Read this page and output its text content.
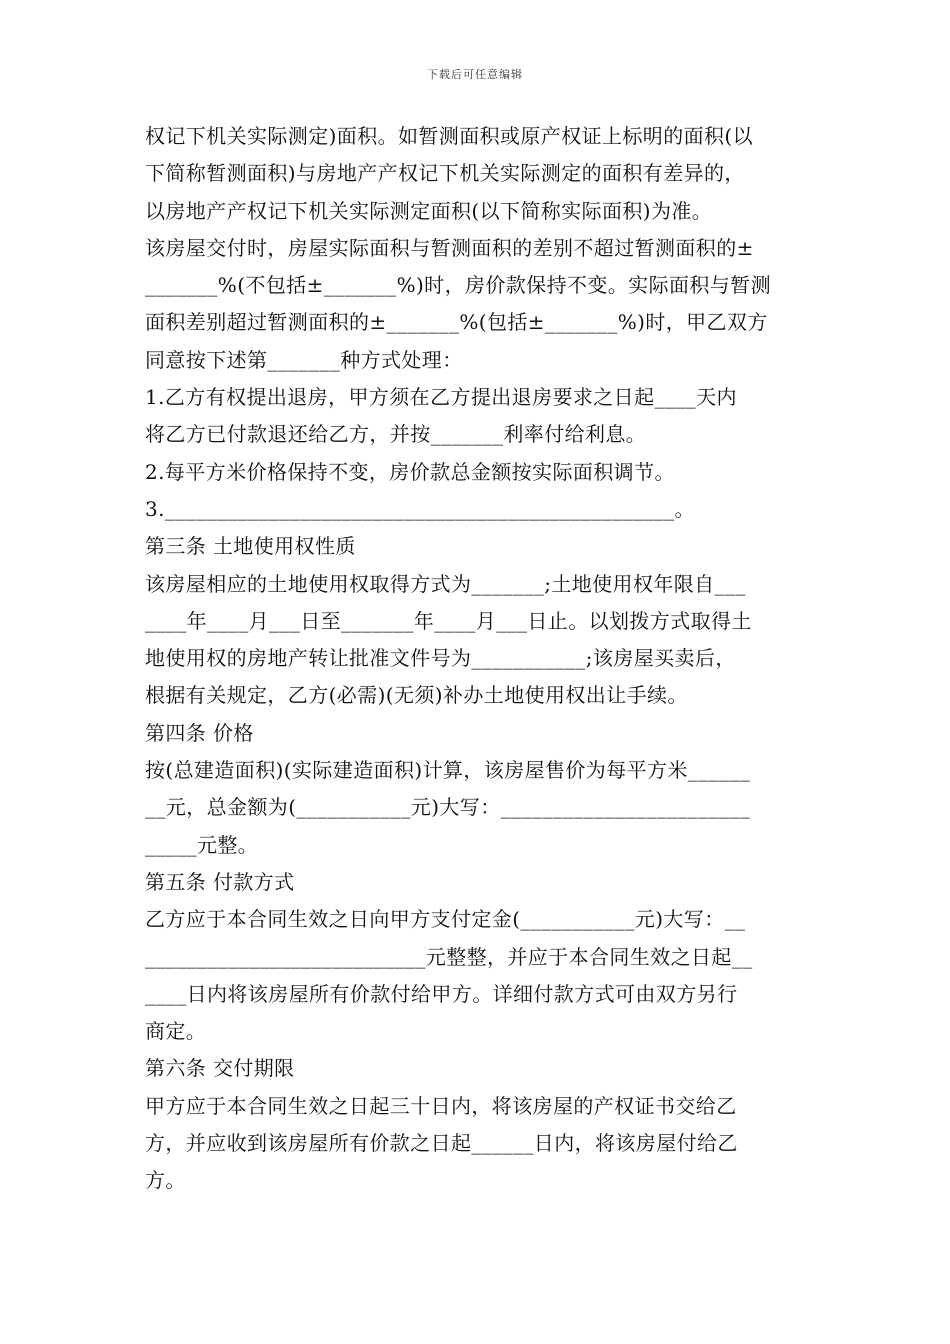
下载后可任意编辑
权记下机关实际测定)面积。如暂测面积或原产权证上标明的面积(以
下简称暂测面积)与房地产产权记下机关实际测定的面积有差异的，
以房地产产权记下机关实际测定面积(以下简称实际面积)为准。
该房屋交付时，房屋实际面积与暂测面积的差别不超过暂测面积的±
_______%(不包括±_______%)时，房价款保持不变。实际面积与暂测
面积差别超过暂测面积的±_______%(包括±_______%)时，甲乙双方
同意按下述第_______种方式处理：
1.乙方有权提出退房，甲方须在乙方提出退房要求之日起____天内
将乙方已付款退还给乙方，并按_______利率付给利息。
2.每平方米价格保持不变，房价款总金额按实际面积调节。
3._________________________________________________。
第三条 土地使用权性质
该房屋相应的土地使用权取得方式为_______;土地使用权年限自___
____年____月___日至_______年____月___日止。以划拨方式取得土
地使用权的房地产转让批准文件号为___________;该房屋买卖后，
根据有关规定，乙方(必需)(无须)补办土地使用权出让手续。
第四条 价格
按(总建造面积)(实际建造面积)计算，该房屋售价为每平方米______
__元，总金额为(___________元)大写：________________________
_____元整。
第五条 付款方式
乙方应于本合同生效之日向甲方支付定金(___________元)大写：__
___________________________元整整，并应于本合同生效之日起__
____日内将该房屋所有价款付给甲方。详细付款方式可由双方另行
商定。
第六条 交付期限
甲方应于本合同生效之日起三十日内，将该房屋的产权证书交给乙
方，并应收到该房屋所有价款之日起______日内，将该房屋付给乙
方。
